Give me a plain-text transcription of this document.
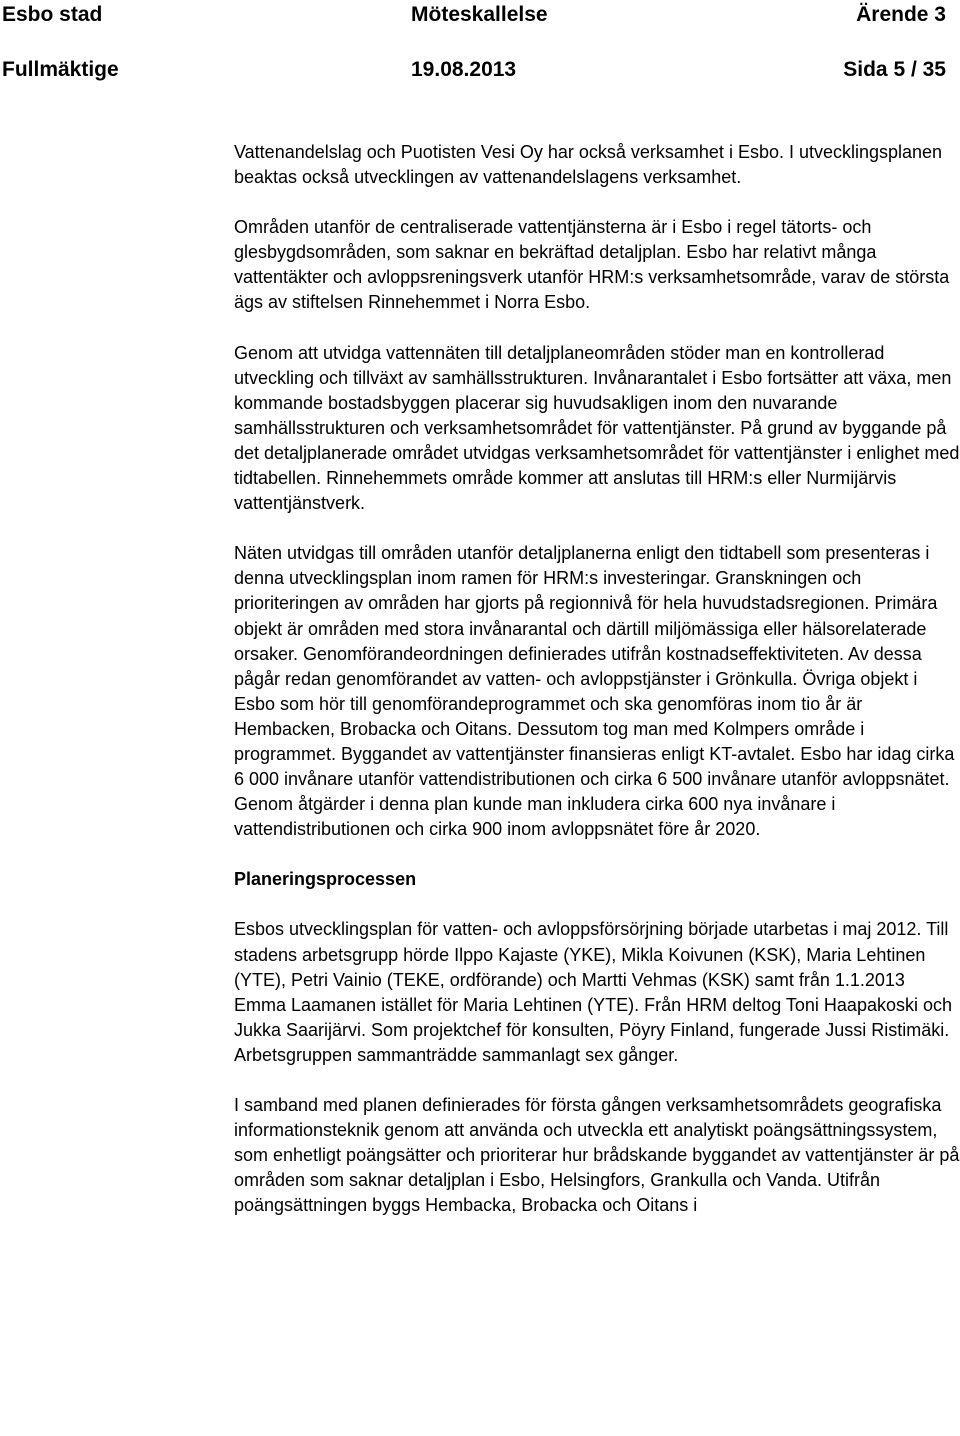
Esbo stad	Möteskallelse	Ärende 3
Fullmäktige	19.08.2013	Sida 5 / 35

Vattenandelslag och Puotisten Vesi Oy har också verksamhet i Esbo. I utvecklingsplanen beaktas också utvecklingen av vattenandelslagens verksamhet.

Områden utanför de centraliserade vattentjänsterna är i Esbo i regel tätorts- och glesbygdsområden, som saknar en bekräftad detaljplan. Esbo har relativt många vattentäkter och avloppsreningsverk utanför HRM:s verksamhetsområde, varav de största ägs av stiftelsen Rinnehemmet i Norra Esbo.

Genom att utvidga vattennäten till detaljplaneområden stöder man en kontrollerad utveckling och tillväxt av samhällsstrukturen. Invånarantalet i Esbo fortsätter att växa, men kommande bostadsbyggen placerar sig huvudsakligen inom den nuvarande samhällsstrukturen och verksamhetsområdet för vattentjänster. På grund av byggande på det detaljplanerade området utvidgas verksamhetsområdet för vattentjänster i enlighet med tidtabellen. Rinnehemmets område kommer att anslutas till HRM:s eller Nurmijärvis vattentjänstverk.

Näten utvidgas till områden utanför detaljplanerna enligt den tidtabell som presenteras i denna utvecklingsplan inom ramen för HRM:s investeringar. Granskningen och prioriteringen av områden har gjorts på regionnivå för hela huvudstadsregionen. Primära objekt är områden med stora invånarantal och därtill miljömässiga eller hälsorelaterade orsaker. Genomförandeordningen definierades utifrån kostnadseffektiviteten. Av dessa pågår redan genomförandet av vatten- och avloppstjänster i Grönkulla. Övriga objekt i Esbo som hör till genomförandeprogrammet och ska genomföras inom tio år är Hembacken, Brobacka och Oitans. Dessutom tog man med Kolmpers område i programmet. Byggandet av vattentjänster finansieras enligt KT-avtalet. Esbo har idag cirka 6 000 invånare utanför vattendistributionen och cirka 6 500 invånare utanför avloppsnätet. Genom åtgärder i denna plan kunde man inkludera cirka 600 nya invånare i vattendistributionen och cirka 900 inom avloppsnätet före år 2020.

Planeringsprocessen

Esbos utvecklingsplan för vatten- och avloppsförsörjning började utarbetas i maj 2012. Till stadens arbetsgrupp hörde Ilppo Kajaste (YKE), Mikla Koivunen (KSK), Maria Lehtinen (YTE), Petri Vainio (TEKE, ordförande) och Martti Vehmas (KSK) samt från 1.1.2013 Emma Laamanen istället för Maria Lehtinen (YTE). Från HRM deltog Toni Haapakoski och Jukka Saarijärvi. Som projektchef för konsulten, Pöyry Finland, fungerade Jussi Ristimäki. Arbetsgruppen sammanträdde sammanlagt sex gånger.

I samband med planen definierades för första gången verksamhetsområdets geografiska informationsteknik genom att använda och utveckla ett analytiskt poängsättningssystem, som enhetligt poängsätter och prioriterar hur brådskande byggandet av vattentjänster är på områden som saknar detaljplan i Esbo, Helsingfors, Grankulla och Vanda. Utifrån poängsättningen byggs Hembacka, Brobacka och Oitans i
